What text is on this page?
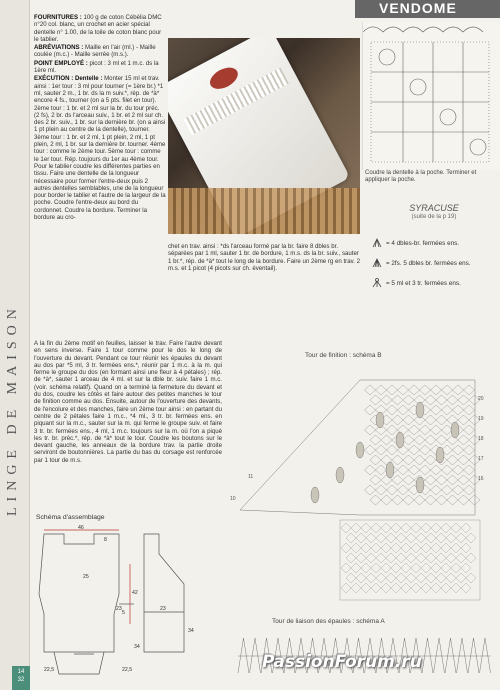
LINGE DE MAISON
VENDOME

FOURNITURES : 100 g de coton Cébélia DMC n°20 col. blanc, un crochet en acier spécial dentelle n° 1.00, de la toile de coton blanc pour le tablier.

ABRÉVIATIONS : Maille en l'air (ml.) - Maille coulée (m.c.) - Maille serrée (m.s.).

POINT EMPLOYÉ : picot : 3 ml et 1 m.c. ds la 1ère ml.

EXÉCUTION : Dentelle : Monter 15 ml et trav. ainsi : 1er tour : 3 ml pour tourner (= 1ère br.) *1 ml, sauter 2 m., 1 br. ds la m suiv.*, rép. de *à* encore 4 fs., tourner (on a 5 pts. filet en tour). 2ème tour : 1 br. et 2 ml sur la br. du tour préc. (2 fs), 2 br. ds l'arceau suiv., 1 br. et 2 ml sur ch. des 2 br. suiv., 1 br. sur la dernière br. (on a ainsi 1 pt plein au centre de la dentelle), tourner. 3ème tour : 1 br. et 2 ml, 1 pt plein, 2 ml, 1 pt plein, 2 ml, 1 br. sur la dernière br. tourner. 4ème tour : comme le 2ème tour. 5ème tour : comme le 1er tour. Rép. toujours du 1er au 4ème tour. Pour le tablier coudre les différentes parties en tissu. Faire une dentelle de la longueur nécessaire pour former l'entre-deux puis 2 autres dentelles semblables, une de la longueur pour border le tablier et l'autre de la largeur de la poche. Coudre l'entre-deux au bord du cordonnet. Coudre la bordure. Terminer la bordure au cro-

chet en trav. ainsi : *ds l'arceau formé par la br. faire 8 dbles br. séparées par 1 ml, sauter 1 br. de bordure, 1 m.s. ds la br. suiv., sauter 1 br.*, rép. de *à* tout le long de la bordure. Faire un 2ème rg en trav. 2 m.s. et 1 picot (4 picots sur ch. éventail).
Coudre la dentelle à la poche. Terminer et appliquer la poche.
SYRACUSE
(suite de la p 19)
= 4 dbles-br. fermées ens.
= 2fs. 5 dbles br. fermées ens.
= 5 ml et 3 tr. fermées ens.
A la fin du 2ème motif en feuilles, laisser le trav. Faire l'autre devant en sens inverse. Faire 1 tour comme pour le dos le long de l'ouverture du devant. Pendant ce tour réunir les épaules du devant au dos par *5 ml, 3 tr. fermées ens.*, réunir par 1 m.c. à la m. qui ferme le groupe du dos (en formant ainsi une fleur à 4 pétales) ; rép. de *à*, sauter 1 arceau de 4 ml. et sur la dble br. suiv. faire 1 m.c. (voir. schéma relatif). Quand on a terminé la fermeture du devant et du dos, coudre les côtés et faire autour des petites manches le tour de finition comme au dos. Ensuite, autour de l'ouverture des devants, de l'encolure et des manches, faire un 2ème tour ainsi : en partant du centre de 2 pétales faire 1 m.c., *4 ml., 3 tr. br. fermées ens. en piquant sur la m.c., sauter sur la m. qui ferme le groupe suiv. et faire 3 tr. br. fermées ens., 4 ml, 1 m.c. toujours sur la m. où l'on a piqué les tr. br. préc.*, rép. de *à* tout le tour. Coudre les boutons sur le devant gauche, les anneaux de la bordure trav. la partie droite serviront de boutonnières. La partie du bas du corsage est renforcée par 1 tour de m.s.
Tour de finition : schéma B
20
19
18
17
16
10
11
Tour de liaison des épaules : schéma A
Schéma d'assemblage
46
25
42
23
8
5
22,5	22,5
34
23
34
14
32
PassionForum.ru
